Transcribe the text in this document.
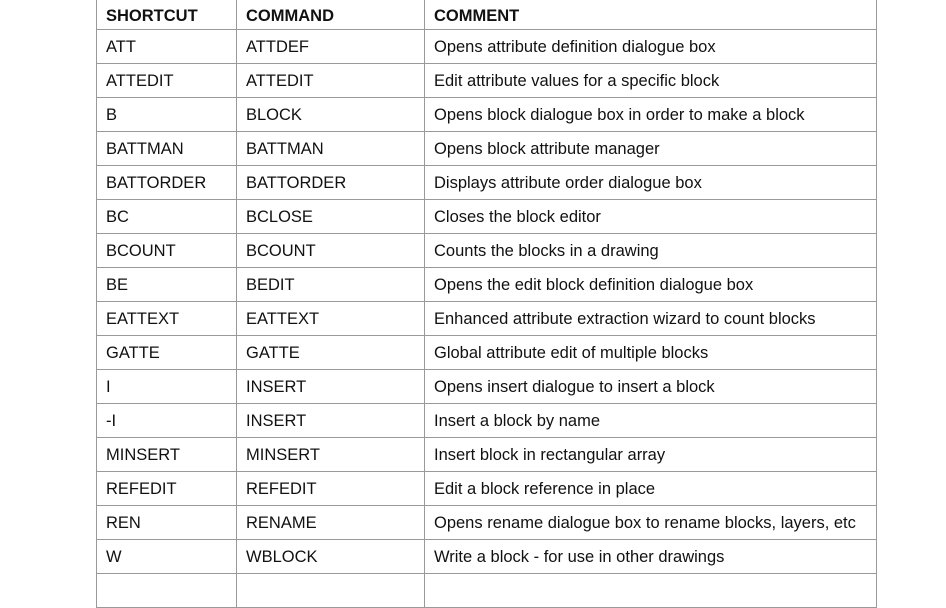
SHORTCUT	COMMAND	COMMENT
ATT	ATTDEF	Opens attribute definition dialogue box
ATTEDIT	ATTEDIT	Edit attribute values for a specific block
B	BLOCK	Opens block dialogue box in order to make a block
BATTMAN	BATTMAN	Opens block attribute manager
BATTORDER	BATTORDER	Displays attribute order dialogue box
BC	BCLOSE	Closes the block editor
BCOUNT	BCOUNT	Counts the blocks in a drawing
BE	BEDIT	Opens the edit block definition dialogue box
EATTEXT	EATTEXT	Enhanced attribute extraction wizard to count blocks
GATTE	GATTE	Global attribute edit of multiple blocks
I	INSERT	Opens insert dialogue to insert a block
-I	INSERT	Insert a block by name
MINSERT	MINSERT	Insert block in rectangular array
REFEDIT	REFEDIT	Edit a block reference in place
REN	RENAME	Opens rename dialogue box to rename blocks, layers, etc
W	WBLOCK	Write a block - for use in other drawings
